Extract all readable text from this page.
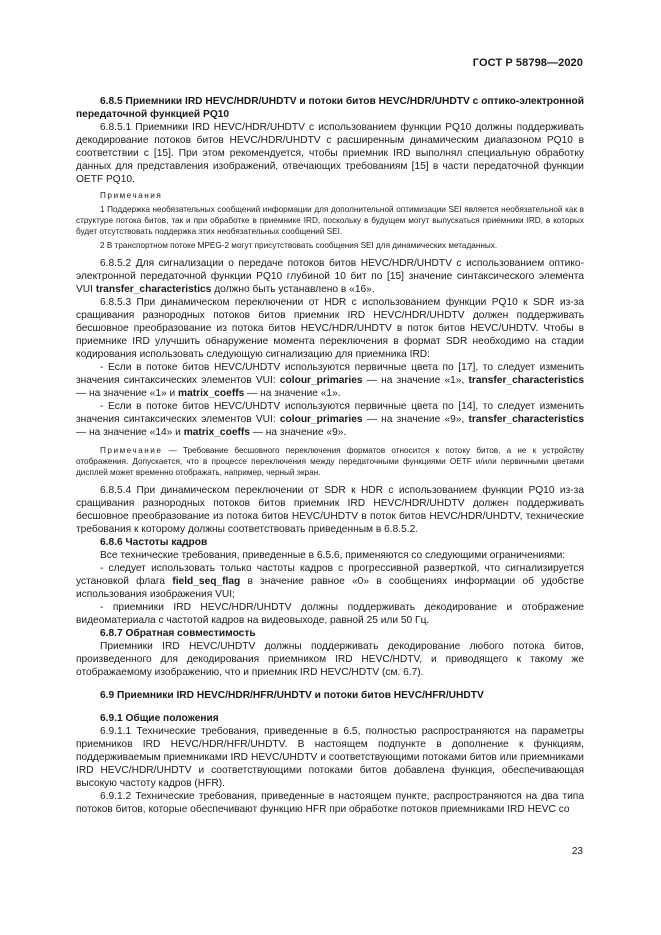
ГОСТ Р 58798—2020

6.8.5 Приемники IRD HEVC/HDR/UHDTV и потоки битов HEVC/HDR/UHDTV с оптико-электронной передаточной функцией PQ10

6.8.5.1 Приемники IRD HEVC/HDR/UHDTV с использованием функции PQ10 должны поддерживать декодирование потоков битов HEVC/HDR/UHDTV с расширенным динамическим диапазоном PQ10 в соответствии с [15]. При этом рекомендуется, чтобы приемник IRD выполнял специальную обработку данных для представления изображений, отвечающих требованиям [15] в части передаточной функции OETF PQ10.

Примечания

1 Поддержка необязательных сообщений информации для дополнительной оптимизации SEI является необязательной как в структуре потока битов, так и при обработке в приемнике IRD, поскольку в будущем могут выпускаться приемники IRD, в которых будет отсутствовать поддержка этих необязательных сообщений SEI.

2 В транспортном потоке MPEG-2 могут присутствовать сообщения SEI для динамических метаданных.

6.8.5.2 Для сигнализации о передаче потоков битов HEVC/HDR/UHDTV с использованием оптико-электронной передаточной функции PQ10 глубиной 10 бит по [15] значение синтаксического элемента VUI transfer_characteristics должно быть устанавлено в «16».

6.8.5.3 При динамическом переключении от HDR с использованием функции PQ10 к SDR из-за сращивания разнородных потоков битов приемник IRD HEVC/HDR/UHDTV должен поддерживать бесшовное преобразование из потока битов HEVC/HDR/UHDTV в поток битов HEVC/UHDTV. Чтобы в приемнике IRD улучшить обнаружение момента переключения в формат SDR необходимо на стадии кодирования использовать следующую сигнализацию для приемника IRD:

- Если в потоке битов HEVC/UHDTV используются первичные цвета по [17], то следует изменить значения синтаксических элементов VUI: colour_primaries — на значение «1», transfer_characteristics — на значение «1» и matrix_coeffs — на значение «1».

- Если в потоке битов HEVC/UHDTV используются первичные цвета по [14], то следует изменить значения синтаксических элементов VUI: colour_primaries — на значение «9», transfer_characteristics — на значение «14» и matrix_coeffs — на значение «9».

Примечание — Требование бесшовного переключения форматов относится к потоку битов, а не к устройству отображения. Допускается, что в процессе переключения между передаточными функциями OETF и/или первичными цветами дисплей может временно отображать, например, черный экран.

6.8.5.4 При динамическом переключении от SDR к HDR с использованием функции PQ10 из-за сращивания разнородных потоков битов приемник IRD HEVC/HDR/UHDTV должен поддерживать бесшовное преобразование из потока битов HEVC/UHDTV в поток битов HEVC/HDR/UHDTV, технические требования к которому должны соответствовать приведенным в 6.8.5.2.

6.8.6 Частоты кадров

Все технические требования, приведенные в 6.5.6, применяются со следующими ограничениями:

- следует использовать только частоты кадров с прогрессивной разверткой, что сигнализируется установкой флага field_seq_flag в значение равное «0» в сообщениях информации об удобстве использования изображения VUI;

- приемники IRD HEVC/HDR/UHDTV должны поддерживать декодирование и отображение видеоматериала с частотой кадров на видеовыходе, равной 25 или 50 Гц.

6.8.7 Обратная совместимость

Приемники IRD HEVC/UHDTV должны поддерживать декодирование любого потока битов, произведенного для декодирования приемником IRD HEVC/HDTV, и приводящего к такому же отображаемому изображению, что и приемник IRD HEVC/HDTV (см. 6.7).

6.9 Приемники IRD HEVC/HDR/HFR/UHDTV и потоки битов HEVC/HFR/UHDTV

6.9.1 Общие положения

6.9.1.1 Технические требования, приведенные в 6.5, полностью распространяются на параметры приемников IRD HEVC/HDR/HFR/UHDTV. В настоящем подпункте в дополнение к функциям, поддерживаемым приемниками IRD HEVC/UHDTV и соответствующими потоками битов или приемниками IRD HEVC/HDR/UHDTV и соответствующими потоками битов добавлена функция, обеспечивающая высокую частоту кадров (HFR).

6.9.1.2 Технические требования, приведенные в настоящем пункте, распространяются на два типа потоков битов, которые обеспечивают функцию HFR при обработке потоков приемниками IRD HEVC со

23
